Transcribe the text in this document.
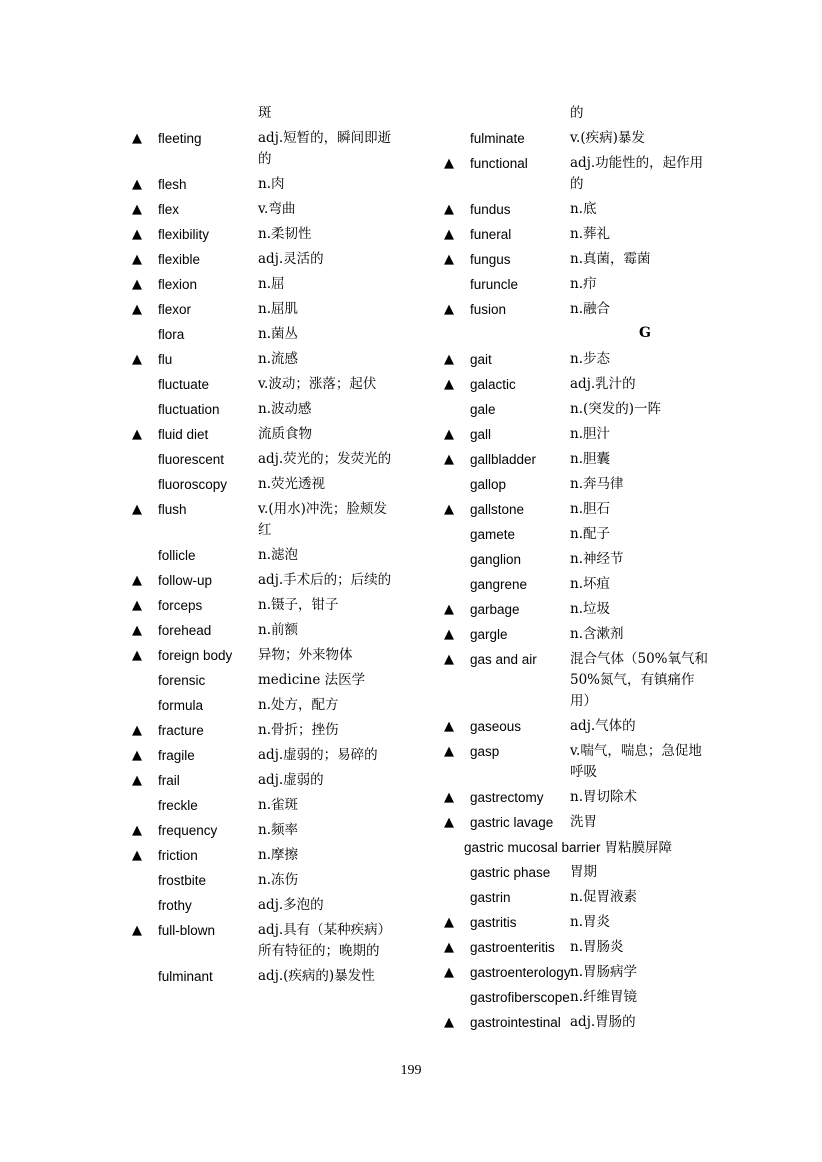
斑
▲ fleeting	adj.短暂的，瞬间即逝的
▲ flesh	n.肉
▲ flex	v.弯曲
▲ flexibility	n.柔韧性
▲ flexible	adj.灵活的
▲ flexion	n.屈
▲ flexor	n.屈肌
flora	n.菌丛
▲ flu	n.流感
fluctuate	v.波动；涨落；起伏
fluctuation	n.波动感
▲ fluid diet	流质食物
fluorescent	adj.荧光的；发荧光的
fluoroscopy	n.荧光透视
▲ flush	v.(用水)冲洗；脸颊发红
follicle	n.滤泡
▲ follow-up	adj.手术后的；后续的
▲ forceps	n.镊子，钳子
▲ forehead	n.前额
▲ foreign body	异物；外来物体
forensic	medicine 法医学
formula	n.处方，配方
▲ fracture	n.骨折；挫伤
▲ fragile	adj.虚弱的；易碎的
▲ frail	adj.虚弱的
freckle	n.雀斑
▲ frequency	n.频率
▲ friction	n.摩擦
frostbite	n.冻伤
frothy	adj.多泡的
▲ full-blown	adj.具有（某种疾病）所有特征的；晚期的
fulminant	adj.(疾病的)暴发性
的
fulminate	v.(疾病)暴发
▲ functional	adj.功能性的，起作用的
▲ fundus	n.底
▲ funeral	n.葬礼
▲ fungus	n.真菌，霉菌
furuncle	n.疖
▲ fusion	n.融合
G
▲ gait	n.步态
▲ galactic	adj.乳汁的
gale	n.(突发的)一阵
▲ gall	n.胆汁
▲ gallbladder	n.胆囊
gallop	n.奔马律
▲ gallstone	n.胆石
gamete	n.配子
ganglion	n.神经节
gangrene	n.坏疽
▲ garbage	n.垃圾
▲ gargle	n.含漱剂
▲ gas and air	混合气体（50%氧气和 50%氮气，有镇痛作用）
▲ gaseous	adj.气体的
▲ gasp	v.喘气，喘息；急促地呼吸
▲ gastrectomy	n.胃切除术
▲ gastric lavage	洗胃
gastric mucosal barrier 胃粘膜屏障
gastric phase	胃期
gastrin	n.促胃液素
▲ gastritis	n.胃炎
▲ gastroenteritis	n.胃肠炎
▲ gastroenterology n.胃肠病学
gastrofiberscope n.纤维胃镜
▲ gastrointestinal adj.胃肠的
199
